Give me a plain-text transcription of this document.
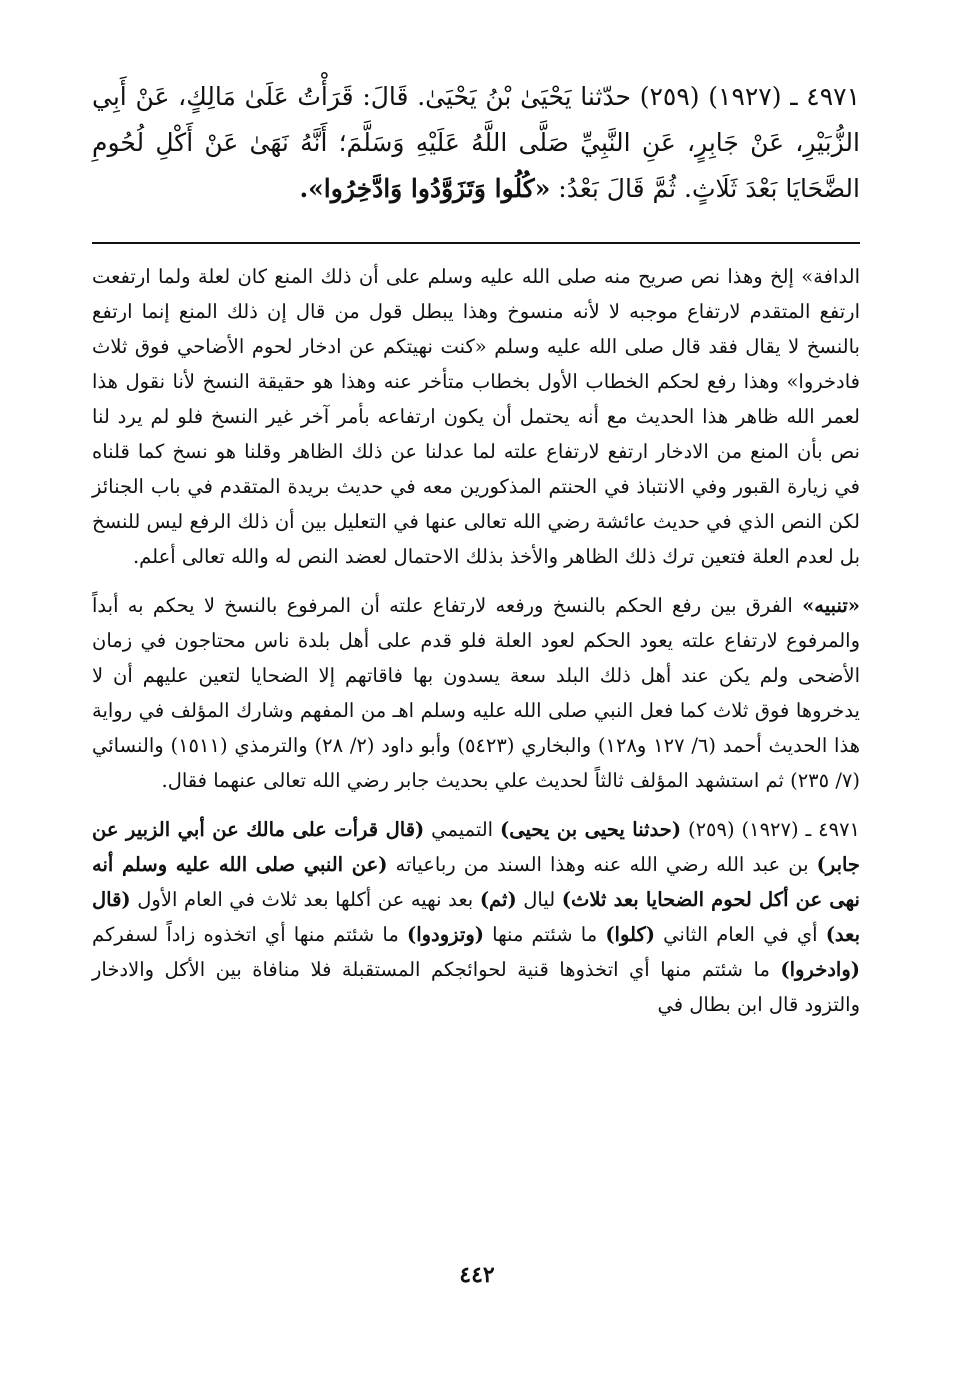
٤٩٧١ ـ (١٩٢٧) (٢٥٩) حدّثنا يَحْيَىٰ بْنُ يَحْيَىٰ. قَالَ: قَرَأْتُ عَلَىٰ مَالِكٍ، عَنْ أَبِي الزُّبَيْرِ، عَنْ جَابِرٍ، عَنِ النَّبِيِّ صَلَّى اللَّهُ عَلَيْهِ وَسَلَّمَ؛ أَنَّهُ نَهَىٰ عَنْ أَكْلِ لُحُومِ الضَّحَايَا بَعْدَ ثَلَاثٍ. ثُمَّ قَالَ بَعْدُ: «كُلُوا وَتَزَوَّدُوا وَادَّخِرُوا».

الدافة» إلخ وهذا نص صريح منه صلى الله عليه وسلم على أن ذلك المنع كان لعلة ولما ارتفعت ارتفع المتقدم لارتفاع موجبه لا لأنه منسوخ وهذا يبطل قول من قال إن ذلك المنع إنما ارتفع بالنسخ لا يقال فقد قال صلى الله عليه وسلم «كنت نهيتكم عن ادخار لحوم الأضاحي فوق ثلاث فادخروا» وهذا رفع لحكم الخطاب الأول بخطاب متأخر عنه وهذا هو حقيقة النسخ لأنا نقول هذا لعمر الله ظاهر هذا الحديث مع أنه يحتمل أن يكون ارتفاعه بأمر آخر غير النسخ فلو لم يرد لنا نص بأن المنع من الادخار ارتفع لارتفاع علته لما عدلنا عن ذلك الظاهر وقلنا هو نسخ كما قلناه في زيارة القبور وفي الانتباذ في الحنتم المذكورين معه في حديث بريدة المتقدم في باب الجنائز لكن النص الذي في حديث عائشة رضي الله تعالى عنها في التعليل بين أن ذلك الرفع ليس للنسخ بل لعدم العلة فتعين ترك ذلك الظاهر والأخذ بذلك الاحتمال لعضد النص له والله تعالى أعلم.

«تنبيه» الفرق بين رفع الحكم بالنسخ ورفعه لارتفاع علته أن المرفوع بالنسخ لا يحكم به أبداً والمرفوع لارتفاع علته يعود الحكم لعود العلة فلو قدم على أهل بلدة ناس محتاجون في زمان الأضحى ولم يكن عند أهل ذلك البلد سعة يسدون بها فاقاتهم إلا الضحايا لتعين عليهم أن لا يدخروها فوق ثلاث كما فعل النبي صلى الله عليه وسلم اهـ من المفهم وشارك المؤلف في رواية هذا الحديث أحمد (٦/ ١٢٧ و١٢٨) والبخاري (٥٤٢٣) وأبو داود (٢/ ٢٨) والترمذي (١٥١١) والنسائي (٧/ ٢٣٥) ثم استشهد المؤلف ثالثاً لحديث علي بحديث جابر رضي الله تعالى عنهما فقال.

٤٩٧١ ـ (١٩٢٧) (٢٥٩) (حدثنا يحيى بن يحيى) التميمي (قال قرأت على مالك عن أبي الزبير عن جابر) بن عبد الله رضي الله عنه وهذا السند من رباعياته (عن النبي صلى الله عليه وسلم أنه نهى عن أكل لحوم الضحايا بعد ثلاث) ليال (ثم) بعد نهيه عن أكلها بعد ثلاث في العام الأول (قال بعد) أي في العام الثاني (كلوا) ما شئتم منها (وتزودوا) ما شئتم منها أي اتخذوه زاداً لسفركم (وادخروا) ما شئتم منها أي اتخذوها قنية لحوائجكم المستقبلة فلا منافاة بين الأكل والادخار والتزود قال ابن بطال في

٤٤٢
